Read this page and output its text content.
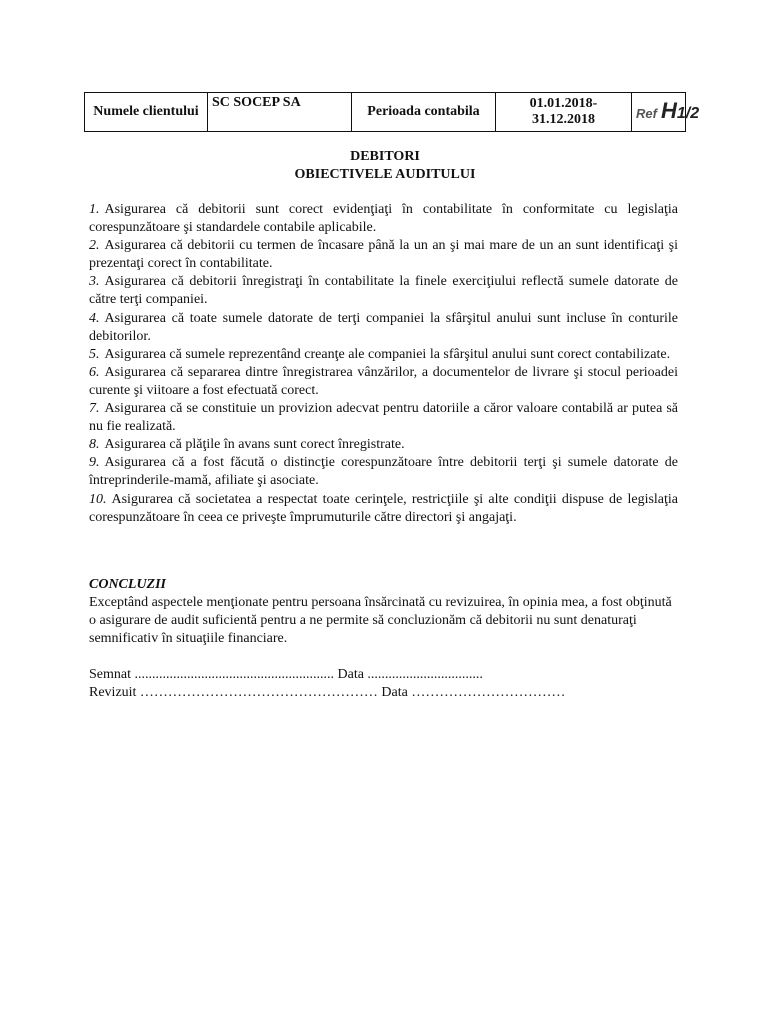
Numele clientului	SC SOCEP SA	Perioada contabila	01.01.2018-31.12.2018	Ref H1/2
DEBITORI
OBIECTIVELE AUDITULUI

1. Asigurarea că debitorii sunt corect evidenţiaţi în contabilitate în conformitate cu legislaţia corespunzătoare şi standardele contabile aplicabile.

2. Asigurarea că debitorii cu termen de încasare până la un an şi mai mare de un an sunt identificaţi şi prezentaţi corect în contabilitate.

3. Asigurarea că debitorii înregistraţi în contabilitate la finele exerciţiului reflectă sumele datorate de către terţi companiei.

4. Asigurarea că toate sumele datorate de terţi companiei la sfârşitul anului sunt incluse în conturile debitorilor.

5. Asigurarea că sumele reprezentând creanţe ale companiei la sfârşitul anului sunt corect contabilizate.

6. Asigurarea că separarea dintre înregistrarea vânzărilor, a documentelor de livrare şi stocul perioadei curente şi viitoare a fost efectuată corect.

7. Asigurarea că se constituie un provizion adecvat pentru datoriile a căror valoare contabilă ar putea să nu fie realizată.

8. Asigurarea că plăţile în avans sunt corect înregistrate.

9. Asigurarea că a fost făcută o distincţie corespunzătoare între debitorii terţi şi sumele datorate de întreprinderile-mamă, afiliate şi asociate.

10. Asigurarea că societatea a respectat toate cerinţele, restricţiile şi alte condiţii dispuse de legislaţia corespunzătoare în ceea ce priveşte împrumuturile către directori şi angajaţi.

CONCLUZII

Exceptând aspectele menţionate pentru persoana însărcinată cu revizuirea, în opinia mea, a fost obţinută o asigurare de audit suficientă pentru a ne permite să concluzionăm că debitorii nu sunt denaturaţi semnificativ în situaţiile financiare.

Semnat ......................................................... Data .................................

Revizuit …………………………………………… Data ……………………………
